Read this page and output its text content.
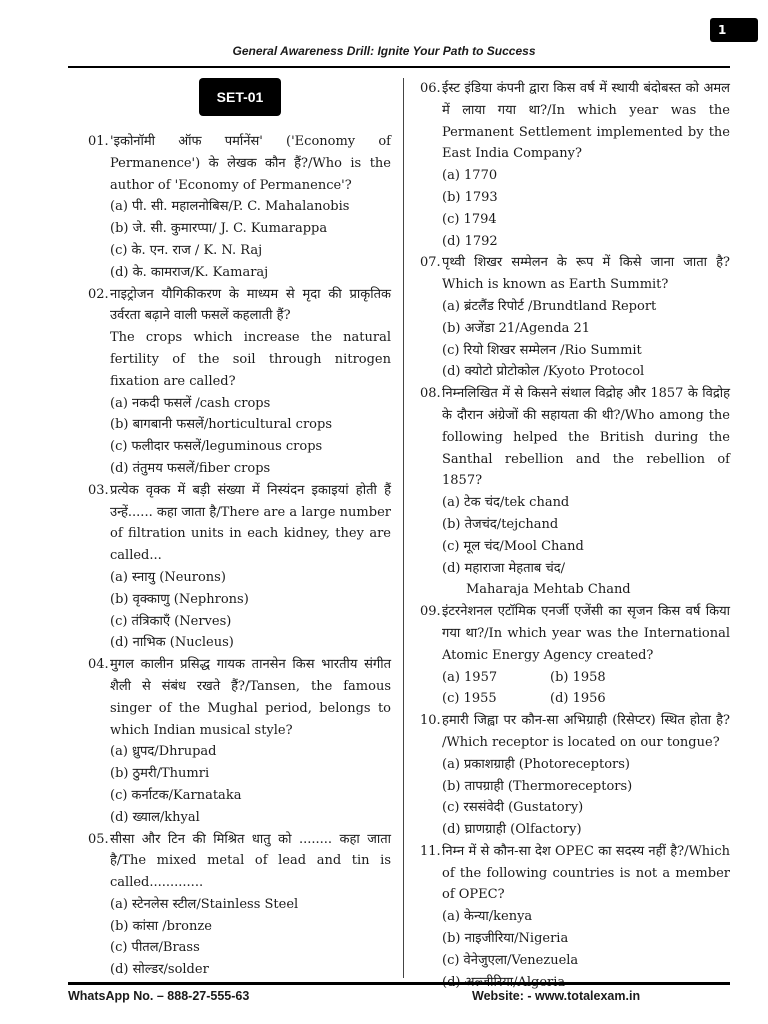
1
General Awareness Drill: Ignite Your Path to Success
SET-01
01. 'इकोनॉमी ऑफ पर्मानेंस' ('Economy of Permanence') के लेखक कौन हैं?/Who is the author of 'Economy of Permanence'?
(a) पी. सी. महालनोबिस/P. C. Mahalanobis
(b) जे. सी. कुमारप्पा/ J. C. Kumarappa
(c) के. एन. राज / K. N. Raj
(d) के. कामराज/K. Kamaraj
02. नाइट्रोजन यौगिकीकरण के माध्यम से मृदा की प्राकृतिक उर्वरता बढ़ाने वाली फसलें कहलाती हैं?
The crops which increase the natural fertility of the soil through nitrogen fixation are called?
(a) नकदी फसलें /cash crops
(b) बागबानी फसलें/horticultural crops
(c) फलीदार फसलें/leguminous crops
(d) तंतुमय फसलें/fiber crops
03. प्रत्येक वृक्क में बड़ी संख्या में निस्यंदन इकाइयां होती हैं उन्हें...... कहा जाता है/There are a large number of filtration units in each kidney, they are called...
(a) स्नायु (Neurons)
(b) वृक्काणु (Nephrons)
(c) तंत्रिकाएँ (Nerves)
(d) नाभिक (Nucleus)
04. मुगल कालीन प्रसिद्ध गायक तानसेन किस भारतीय संगीत शैली से संबंध रखते हैं?/Tansen, the famous singer of the Mughal period, belongs to which Indian musical style?
(a) ध्रुपद/Dhrupad
(b) ठुमरी/Thumri
(c) कर्नाटक/Karnataka
(d) ख्याल/khyal
05. सीसा और टिन की मिश्रित धातु को ........ कहा जाता है/The mixed metal of lead and tin is called.............
(a) स्टेनलेस स्टील/Stainless Steel
(b) कांसा /bronze
(c) पीतल/Brass
(d) सोल्डर/solder
06. ईस्ट इंडिया कंपनी द्वारा किस वर्ष में स्थायी बंदोबस्त को अमल में लाया गया था?/In which year was the Permanent Settlement implemented by the East India Company?
(a) 1770
(b) 1793
(c) 1794
(d) 1792
07. पृथ्वी शिखर सम्मेलन के रूप में किसे जाना जाता है? Which is known as Earth Summit?
(a) ब्रंटलैंड रिपोर्ट /Brundtland Report
(b) अजेंडा 21/Agenda 21
(c) रियो शिखर सम्मेलन /Rio Summit
(d) क्योटो प्रोटोकोल /Kyoto Protocol
08. निम्नलिखित में से किसने संथाल विद्रोह और 1857 के विद्रोह के दौरान अंग्रेजों की सहायता की थी?/Who among the following helped the British during the Santhal rebellion and the rebellion of 1857?
(a) टेक चंद/tek chand
(b) तेजचंद/tejchand
(c) मूल चंद/Mool Chand
(d) महाराजा मेहताब चंद/
Maharaja Mehtab Chand
09. इंटरनेशनल एटॉमिक एनर्जी एजेंसी का सृजन किस वर्ष किया गया था?/In which year was the International Atomic Energy Agency created?
(a) 1957	(b) 1958
(c) 1955	(d) 1956
10. हमारी जिह्वा पर कौन-सा अभिग्राही (रिसेप्टर) स्थित होता है? /Which receptor is located on our tongue?
(a) प्रकाशग्राही (Photoreceptors)
(b) तापग्राही (Thermoreceptors)
(c) रससंवेदी (Gustatory)
(d) घ्राणग्राही (Olfactory)
11. निम्न में से कौन-सा देश OPEC का सदस्य नहीं है?/Which of the following countries is not a member of OPEC?
(a) केन्या/kenya
(b) नाइजीरिया/Nigeria
(c) वेनेजुएला/Venezuela
WhatsApp No. – 888-27-555-63	Website: - www.totalexam.in
